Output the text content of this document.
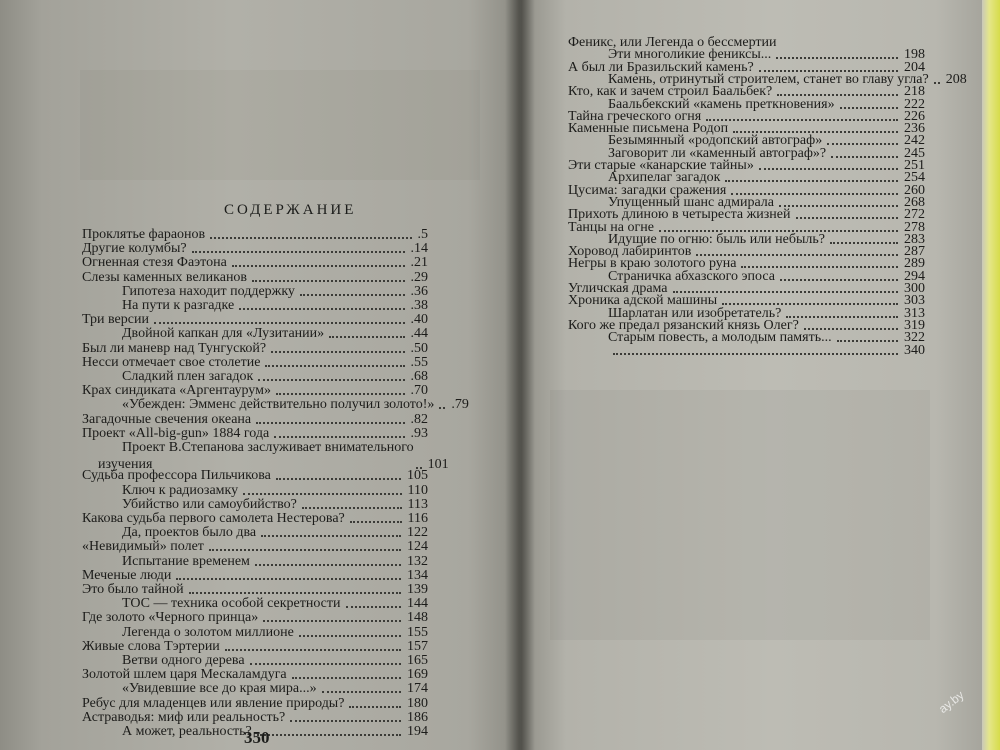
СОДЕРЖАНИЕ
Проклятье фараонов	.5
Другие колумбы?	.14
Огненная стезя Фаэтона	.21
Слезы каменных великанов	.29
Гипотеза находит поддержку	.36
На пути к разгадке	.38
Три версии	.40
Двойной капкан для «Лузитании»	.44
Был ли маневр над Тунгуской?	.50
Несси отмечает свое столетие	.55
Сладкий плен загадок	.68
Крах синдиката «Аргентаурум»	.70
«Убежден: Эмменс действительно получил золото!» .79
Загадочные свечения океана	.82
Проект «All-big-gun» 1884 года	.93
Проект В.Степанова заслуживает внимательного
изучения	101
Судьба профессора Пильчикова	105
Ключ к радиозамку	110
Убийство или самоубийство?	113
Какова судьба первого самолета Нестерова?	116
Да, проектов было два	122
«Невидимый» полет	124
Испытание временем	132
Меченые люди	134
Это было тайной	139
ТОС — техника особой секретности	144
Где золото «Черного принца»	148
Легенда о золотом миллионе	155
Живые слова Тэртерии	157
Ветви одного дерева	165
Золотой шлем царя Мескаламдуга	169
«Увидевшие все до края мира...»	174
Ребус для младенцев или явление природы?	180
Астраводья: миф или реальность?	186
А может, реальность?	194
350
Феникс, или Легенда о бессмертии
Эти многоликие фениксы...	198
А был ли Бразильский камень?	204
Камень, отринутый строителем, станет во главу угла? 208
Кто, как и зачем строил Баальбек?	218
Баальбекский «камень преткновения»	222
Тайна греческого огня	226
Каменные письмена Родоп	236
Безымянный «родопский автограф»	242
Заговорит ли «каменный автограф»?	245
Эти старые «канарские тайны»	251
Архипелаг загадок	254
Цусима: загадки сражения	260
Упущенный шанс адмирала	268
Прихоть длиною в четыреста жизней	272
Танцы на огне	278
Идущие по огню: быль или небыль?	283
Хоровод лабиринтов	287
Негры в краю золотого руна	289
Страничка абхазского эпоса	294
Угличская драма	300
Хроника адской машины	303
Шарлатан или изобретатель?	313
Кого же предал рязанский князь Олег?	319
Старым повесть, а молодым память...	322
340
ay.by
